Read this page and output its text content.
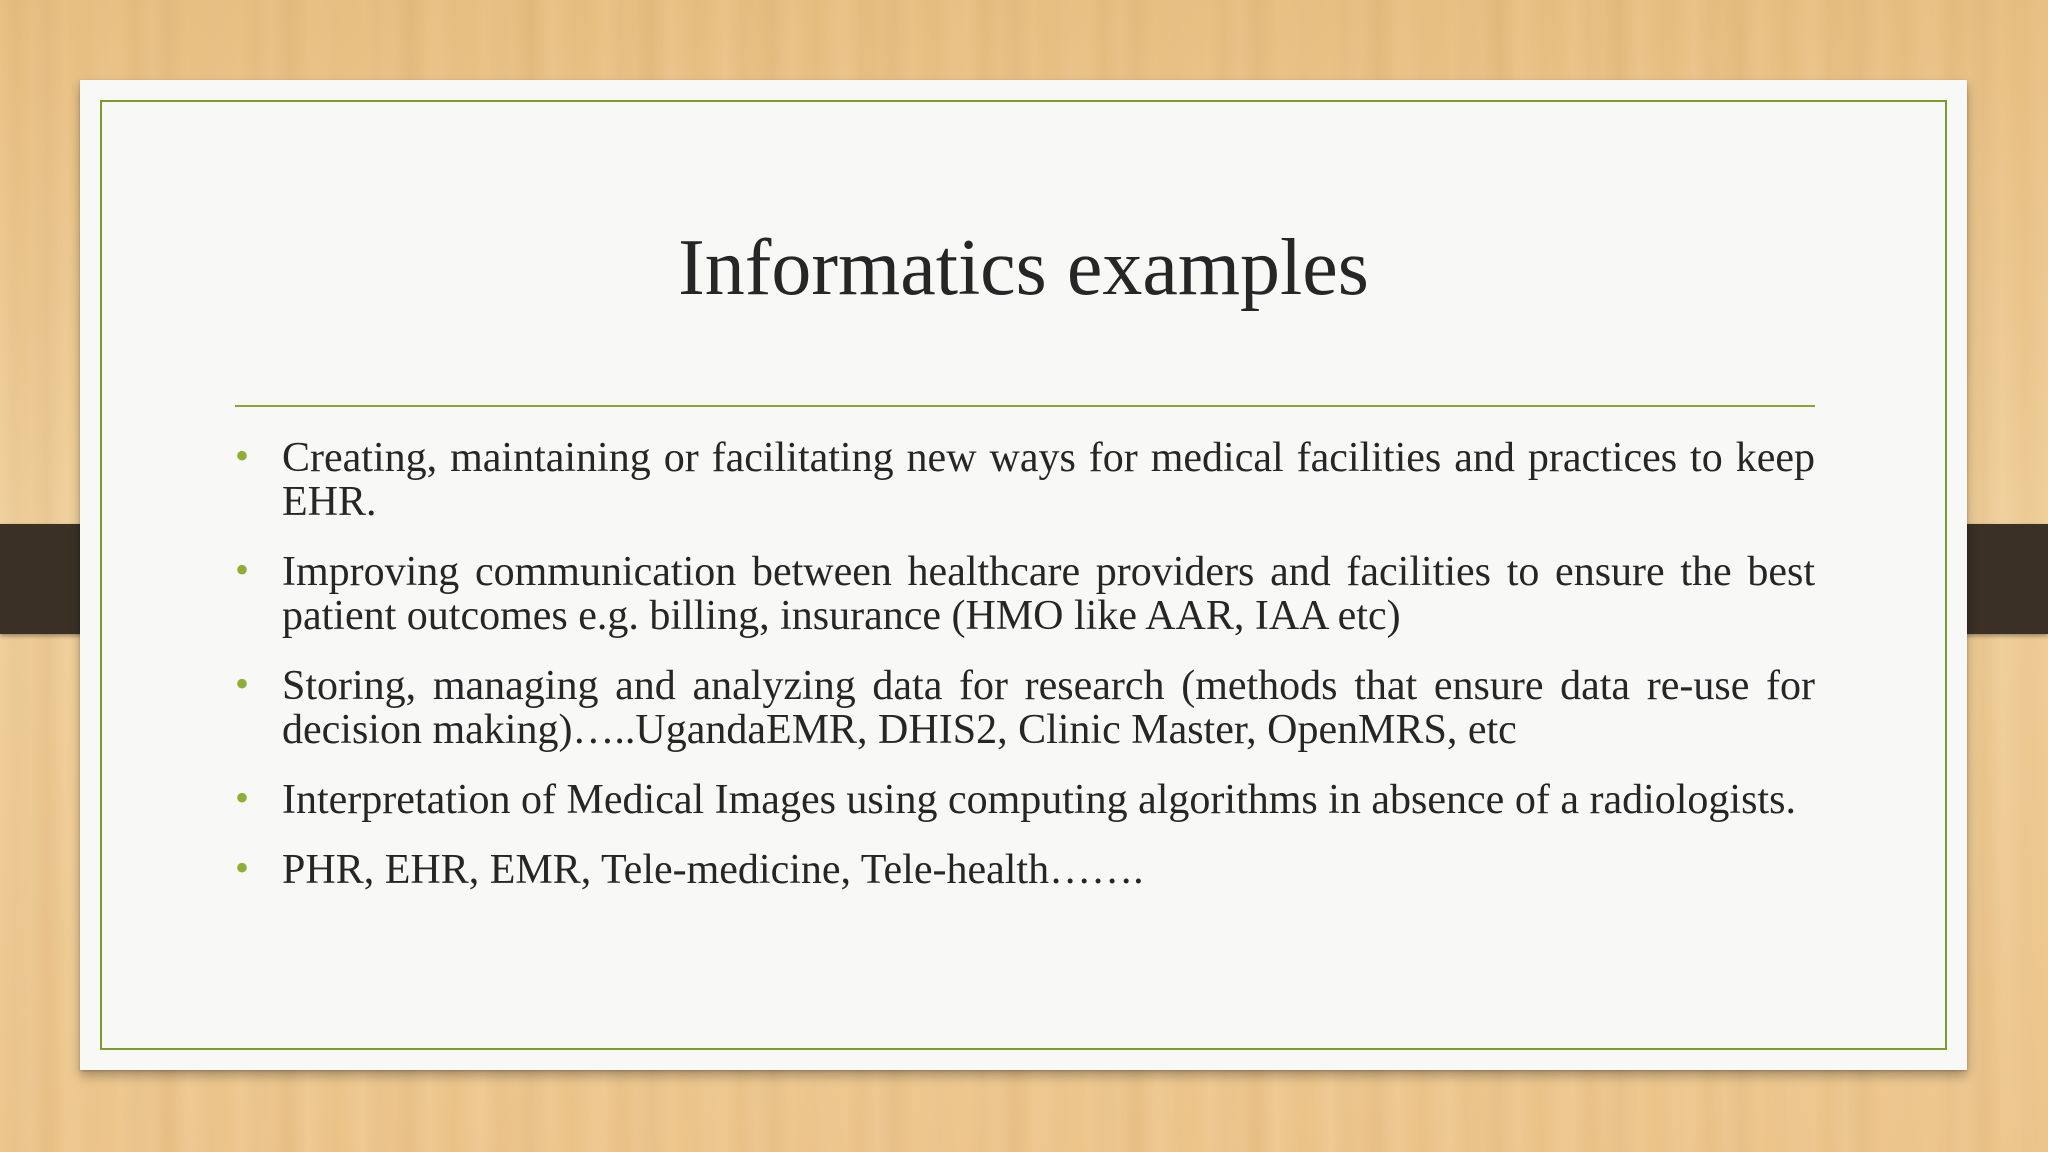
Informatics examples
• Creating, maintaining or facilitating new ways for medical facilities and practices to keep EHR.
• Improving communication between healthcare providers and facilities to ensure the best patient outcomes e.g. billing, insurance (HMO like AAR, IAA etc)
• Storing, managing and analyzing data for research (methods that ensure data re-use for decision making)…..UgandaEMR, DHIS2, Clinic Master, OpenMRS, etc
• Interpretation of Medical Images using computing algorithms in absence of a radiologists.
• PHR, EHR, EMR, Tele-medicine, Tele-health…….
